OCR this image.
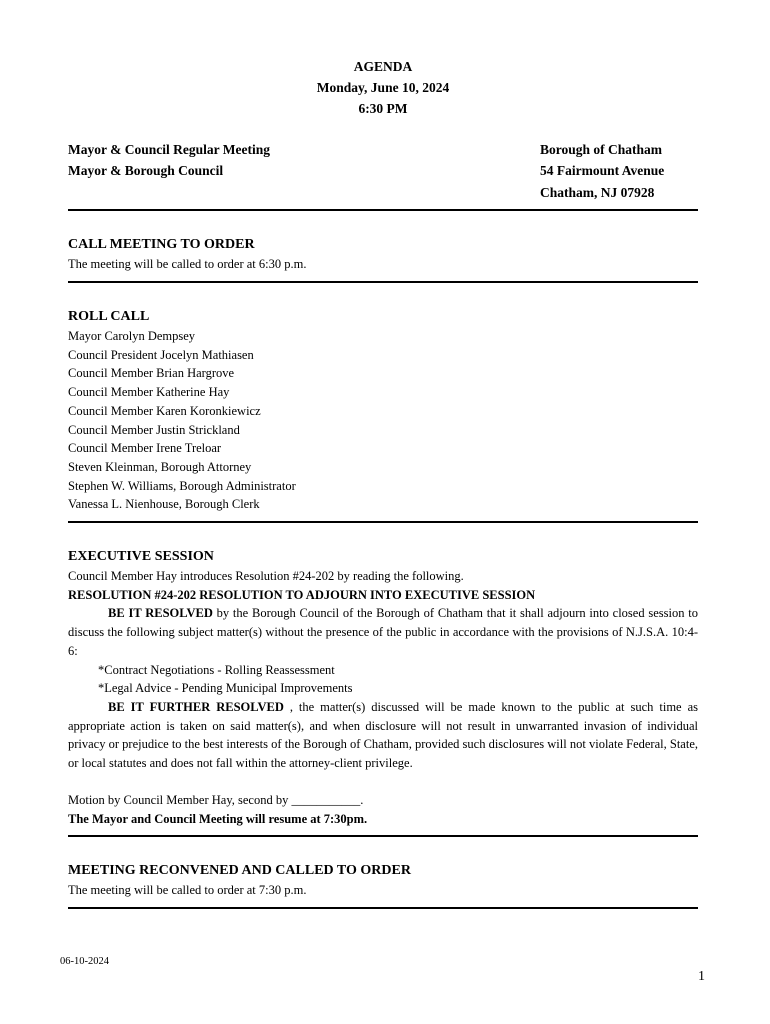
AGENDA
Monday, June 10, 2024
6:30 PM
Mayor & Council Regular Meeting
Mayor & Borough Council
Borough of Chatham
54 Fairmount Avenue
Chatham, NJ 07928
CALL MEETING TO ORDER
The meeting will be called to order at 6:30 p.m.
ROLL CALL
Mayor Carolyn Dempsey
Council President Jocelyn Mathiasen
Council Member Brian Hargrove
Council Member Katherine Hay
Council Member Karen Koronkiewicz
Council Member Justin Strickland
Council Member Irene Treloar
Steven Kleinman, Borough Attorney
Stephen W. Williams, Borough Administrator
Vanessa L. Nienhouse, Borough Clerk
EXECUTIVE SESSION
Council Member Hay introduces Resolution #24-202 by reading the following.
RESOLUTION #24-202 RESOLUTION TO ADJOURN INTO EXECUTIVE SESSION
BE IT RESOLVED by the Borough Council of the Borough of Chatham that it shall adjourn into closed session to discuss the following subject matter(s) without the presence of the public in accordance with the provisions of N.J.S.A. 10:4-6:
*Contract Negotiations - Rolling Reassessment
*Legal Advice - Pending Municipal Improvements
BE IT FURTHER RESOLVED , the matter(s) discussed will be made known to the public at such time as appropriate action is taken on said matter(s), and when disclosure will not result in unwarranted invasion of individual privacy or prejudice to the best interests of the Borough of Chatham, provided such disclosures will not violate Federal, State, or local statutes and does not fall within the attorney-client privilege.
Motion by Council Member Hay, second by ___________.
The Mayor and Council Meeting will resume at 7:30pm.
MEETING RECONVENED AND CALLED TO ORDER
The meeting will be called to order at 7:30 p.m.
06-10-2024
1
